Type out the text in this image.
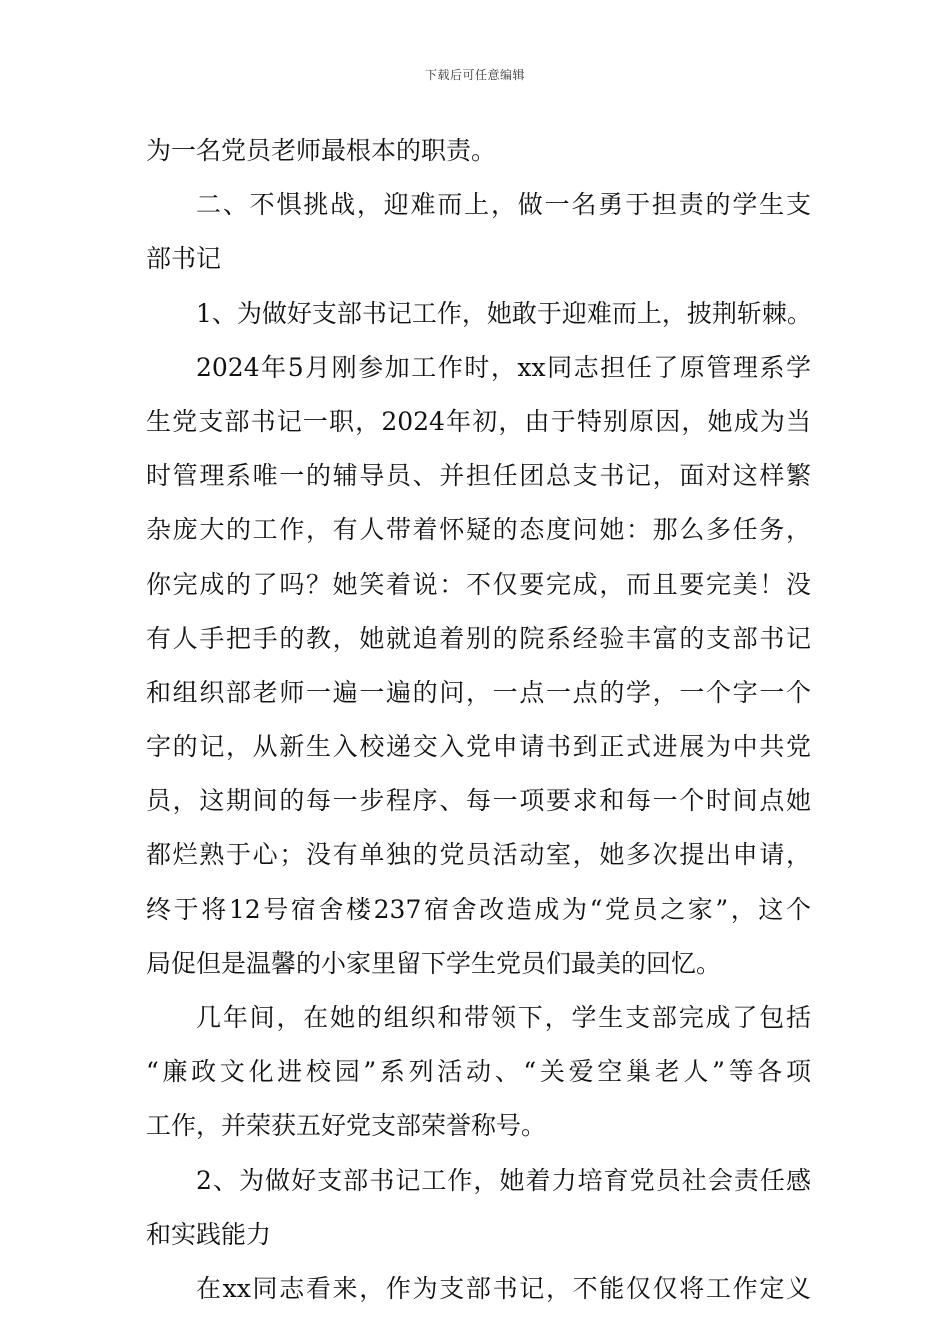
下载后可任意编辑
为一名党员老师最根本的职责。
二、不惧挑战，迎难而上，做一名勇于担责的学生支
部书记
1、为做好支部书记工作，她敢于迎难而上，披荆斩棘。
2024年5月刚参加工作时，xx同志担任了原管理系学
生党支部书记一职，2024年初，由于特别原因，她成为当
时管理系唯一的辅导员、并担任团总支书记，面对这样繁
杂庞大的工作，有人带着怀疑的态度问她：那么多任务，
你完成的了吗？她笑着说：不仅要完成，而且要完美！没
有人手把手的教，她就追着别的院系经验丰富的支部书记
和组织部老师一遍一遍的问，一点一点的学，一个字一个
字的记，从新生入校递交入党申请书到正式进展为中共党
员，这期间的每一步程序、每一项要求和每一个时间点她
都烂熟于心；没有单独的党员活动室，她多次提出申请，
终于将12号宿舍楼237宿舍改造成为“党员之家”，这个
局促但是温馨的小家里留下学生党员们最美的回忆。
几年间，在她的组织和带领下，学生支部完成了包括
“廉政文化进校园”系列活动、“关爱空巢老人”等各项
工作，并荣获五好党支部荣誉称号。
2、为做好支部书记工作，她着力培育党员社会责任感
和实践能力
在xx同志看来，作为支部书记，不能仅仅将工作定义
